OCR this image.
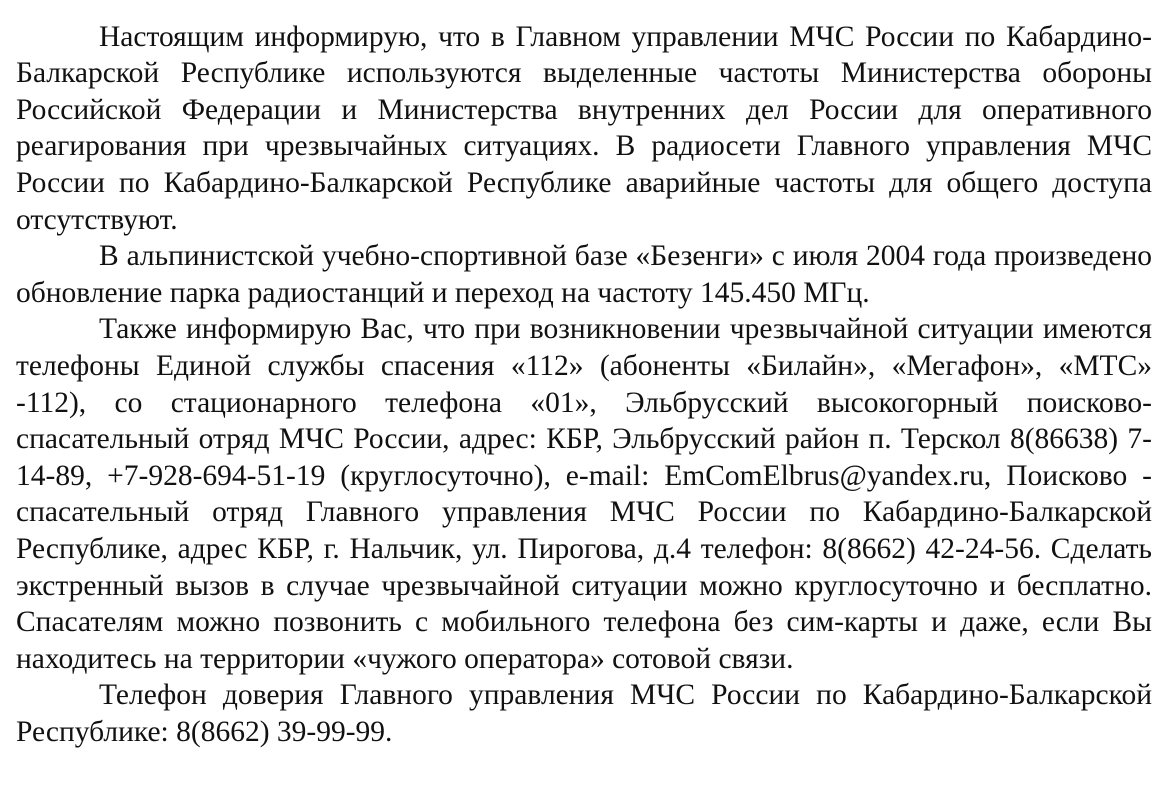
Настоящим информирую, что в Главном управлении МЧС России по Кабардино-Балкарской Республике используются выделенные частоты Министерства обороны Российской Федерации и Министерства внутренних дел России для оперативного реагирования при чрезвычайных ситуациях. В радиосети Главного управления МЧС России по Кабардино-Балкарской Республике аварийные частоты для общего доступа отсутствуют.

В альпинистской учебно-спортивной базе «Безенги» с июля 2004 года произведено обновление парка радиостанций и переход на частоту 145.450 МГц.

Также информирую Вас, что при возникновении чрезвычайной ситуации имеются телефоны Единой службы спасения «112» (абоненты «Билайн», «Мегафон», «МТС» -112), со стационарного телефона «01», Эльбрусский высокогорный поисково-спасательный отряд МЧС России, адрес: КБР, Эльбрусский район п. Терскол 8(86638) 7-14-89, +7-928-694-51-19 (круглосуточно), e-mail: EmComElbrus@yandex.ru, Поисково - спасательный отряд Главного управления МЧС России по Кабардино-Балкарской Республике, адрес КБР, г. Нальчик, ул. Пирогова, д.4 телефон: 8(8662) 42-24-56. Сделать экстренный вызов в случае чрезвычайной ситуации можно круглосуточно и бесплатно. Спасателям можно позвонить с мобильного телефона без сим-карты и даже, если Вы находитесь на территории «чужого оператора» сотовой связи.

Телефон доверия Главного управления МЧС России по Кабардино-Балкарской Республике: 8(8662) 39-99-99.
